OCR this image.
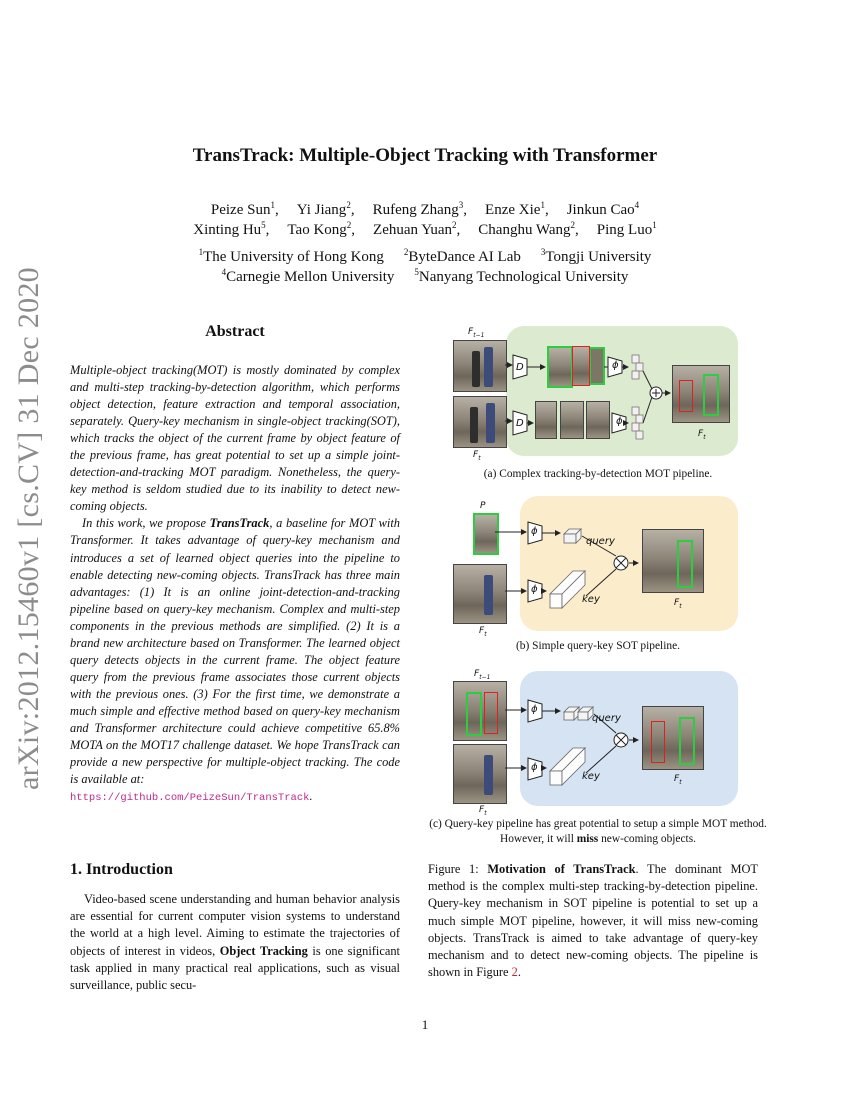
TransTrack: Multiple-Object Tracking with Transformer
Peize Sun$^1$, Yi Jiang$^2$, Rufeng Zhang$^3$, Enze Xie$^1$, Jinkun Cao$^4$
Xinting Hu$^5$, Tao Kong$^2$, Zehuan Yuan$^2$, Changhu Wang$^2$, Ping Luo$^1$
$^1$The University of Hong Kong $^2$ByteDance AI Lab $^3$Tongji University
$^4$Carnegie Mellon University $^5$Nanyang Technological University
arXiv:2012.15460v1 [cs.CV] 31 Dec 2020	Abstract

Multiple-object tracking(MOT) is mostly dominated by complex and multi-step tracking-by-detection algorithm, which performs object detection, feature extraction and temporal association, separately. Query-key mechanism in single-object tracking(SOT), which tracks the object of the current frame by object feature of the previous frame, has great potential to set up a simple joint-detection-and-tracking MOT paradigm. Nonetheless, the query-key method is seldom studied due to its inability to detect new-coming objects.

In this work, we propose TransTrack, a baseline for MOT with Transformer. It takes advantage of query-key mechanism and introduces a set of learned object queries into the pipeline to enable detecting new-coming objects. TransTrack has three main advantages: (1) It is an online joint-detection-and-tracking pipeline based on query-key mechanism. Complex and multi-step components in the previous methods are simplified. (2) It is a brand new architecture based on Transformer. The learned object query detects objects in the current frame. The object feature query from the previous frame associates those current objects with the previous ones. (3) For the first time, we demonstrate a much simple and effective method based on query-key mechanism and Transformer architecture could achieve competitive 65.8% MOTA on the MOT17 challenge dataset. We hope TransTrack can provide a new perspective for multiple-object tracking. The code is available at:
https://github.com/PeizeSun/TransTrack.

1. Introduction

Video-based scene understanding and human behavior analysis are essential for current computer vision systems to understand the world at a high level. Aiming to estimate the trajectories of objects of interest in videos, Object Tracking is one significant task applied in many practical real applications, such as visual surveillance, public secu-

$F_{t-1}$
$F_t$
D
D
ϕ
ϕ
$F_t$
(a) Complex tracking-by-detection MOT pipeline.
P
$F_t$
ϕ
ϕ
query
key	$F_t$
(b) Simple query-key SOT pipeline.
$F_{t-1}$
$F_t$
ϕ
ϕ
query
key	$F_t$
(c) Query-key pipeline has great potential to setup a simple MOT method. However, it will miss new-coming objects.
Figure 1: Motivation of TransTrack. The dominant MOT method is the complex multi-step tracking-by-detection pipeline. Query-key mechanism in SOT pipeline is potential to set up a much simple MOT pipeline, however, it will miss new-coming objects. TransTrack is aimed to take advantage of query-key mechanism and to detect new-coming objects. The pipeline is shown in Figure 2.
1
